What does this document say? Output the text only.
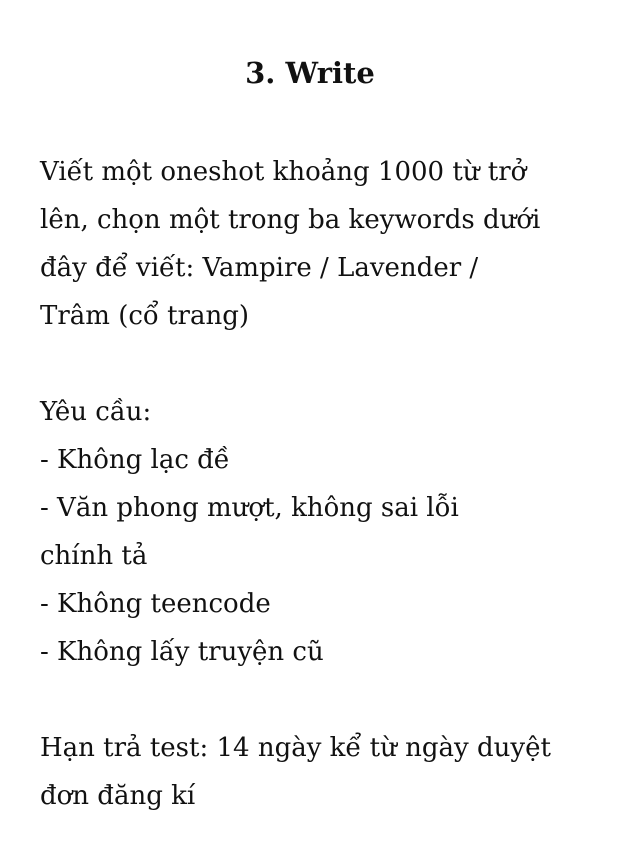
3. Write

Viết một oneshot khoảng 1000 từ trở
lên, chọn một trong ba keywords dưới
đây để viết: Vampire / Lavender /
Trâm (cổ trang)

Yêu cầu:
- Không lạc đề
- Văn phong mượt, không sai lỗi
chính tả
- Không teencode
- Không lấy truyện cũ

Hạn trả test: 14 ngày kể từ ngày duyệt
đơn đăng kí
